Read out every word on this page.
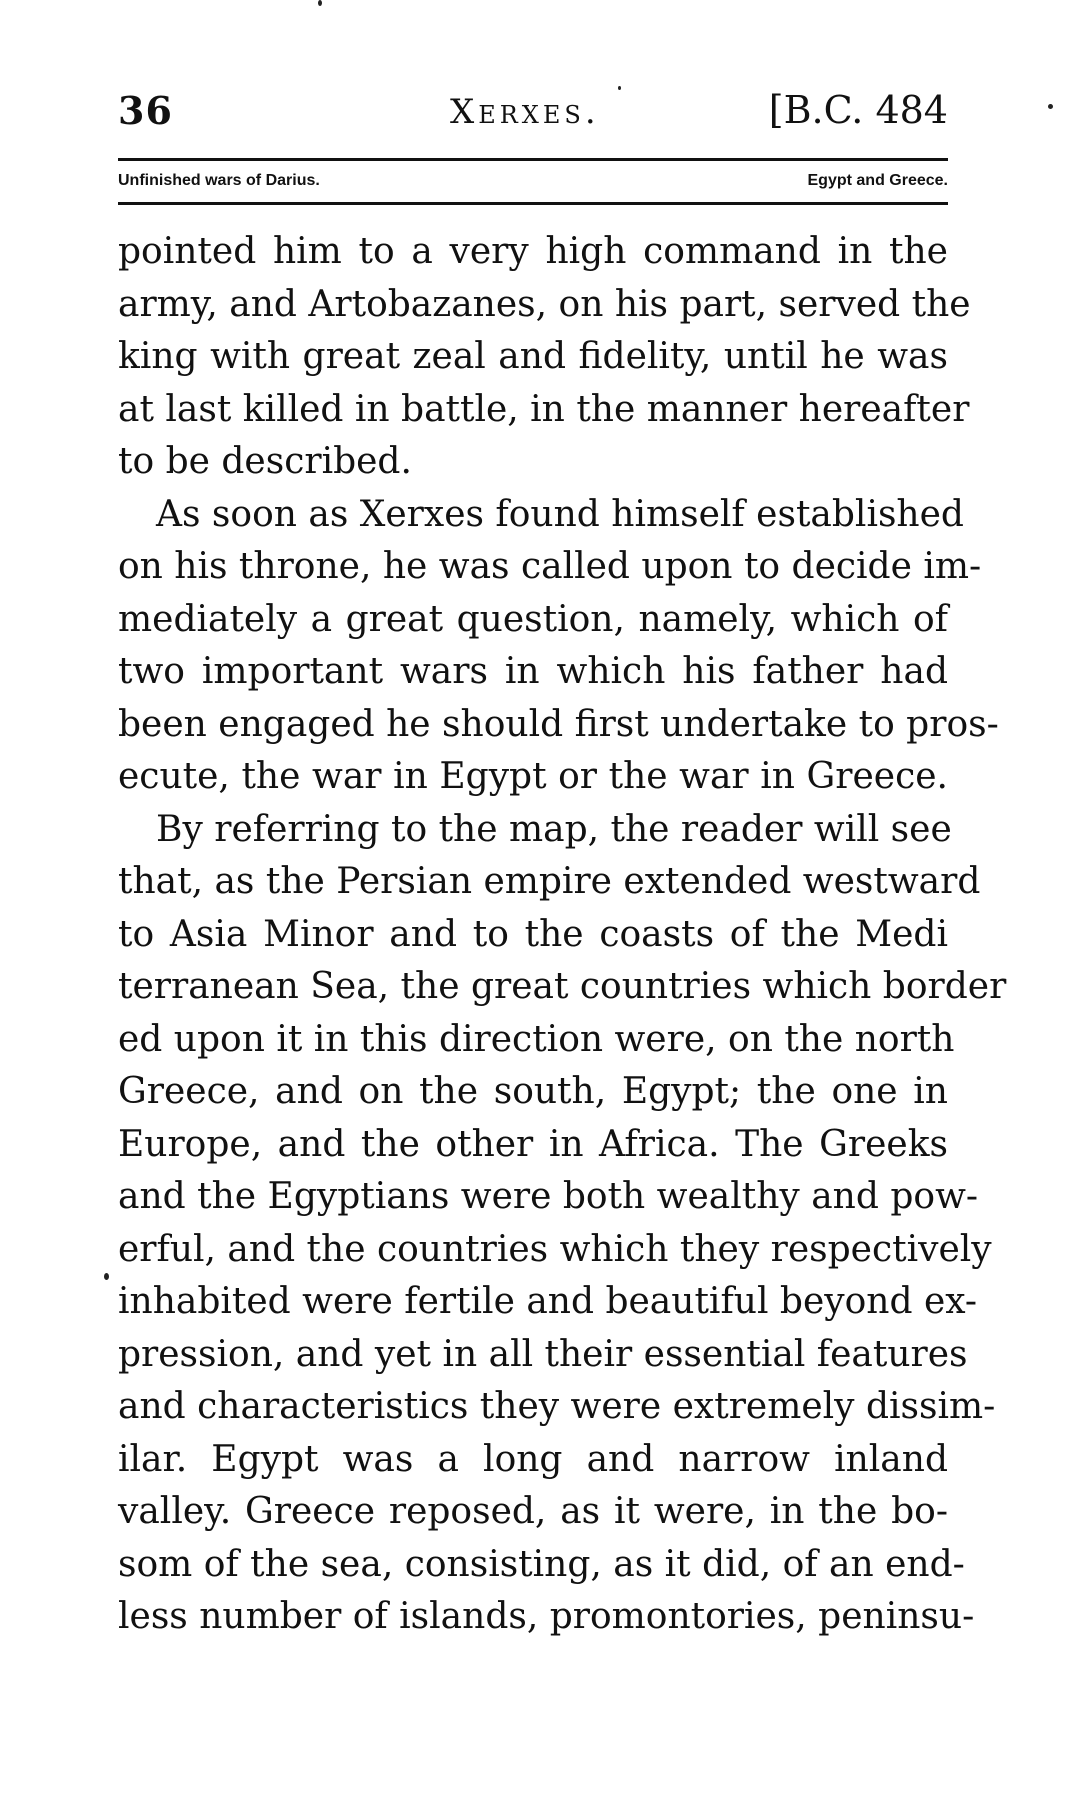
36	Xerxes.	[B.C. 484
Unfinished wars of Darius.	Egypt and Greece.
pointed him to a very high command in the
army, and Artobazanes, on his part, served the
king with great zeal and fidelity, until he was
at last killed in battle, in the manner hereafter
to be described.
As soon as Xerxes found himself established
on his throne, he was called upon to decide im-
mediately a great question, namely, which of
two important wars in which his father had
been engaged he should first undertake to pros-
ecute, the war in Egypt or the war in Greece.
By referring to the map, the reader will see
that, as the Persian empire extended westward
to Asia Minor and to the coasts of the Medi
terranean Sea, the great countries which border
ed upon it in this direction were, on the north
Greece, and on the south, Egypt; the one in
Europe, and the other in Africa. The Greeks
and the Egyptians were both wealthy and pow-
erful, and the countries which they respectively
inhabited were fertile and beautiful beyond ex-
pression, and yet in all their essential features
and characteristics they were extremely dissim-
ilar. Egypt was a long and narrow inland
valley. Greece reposed, as it were, in the bo-
som of the sea, consisting, as it did, of an end-
less number of islands, promontories, peninsu-
